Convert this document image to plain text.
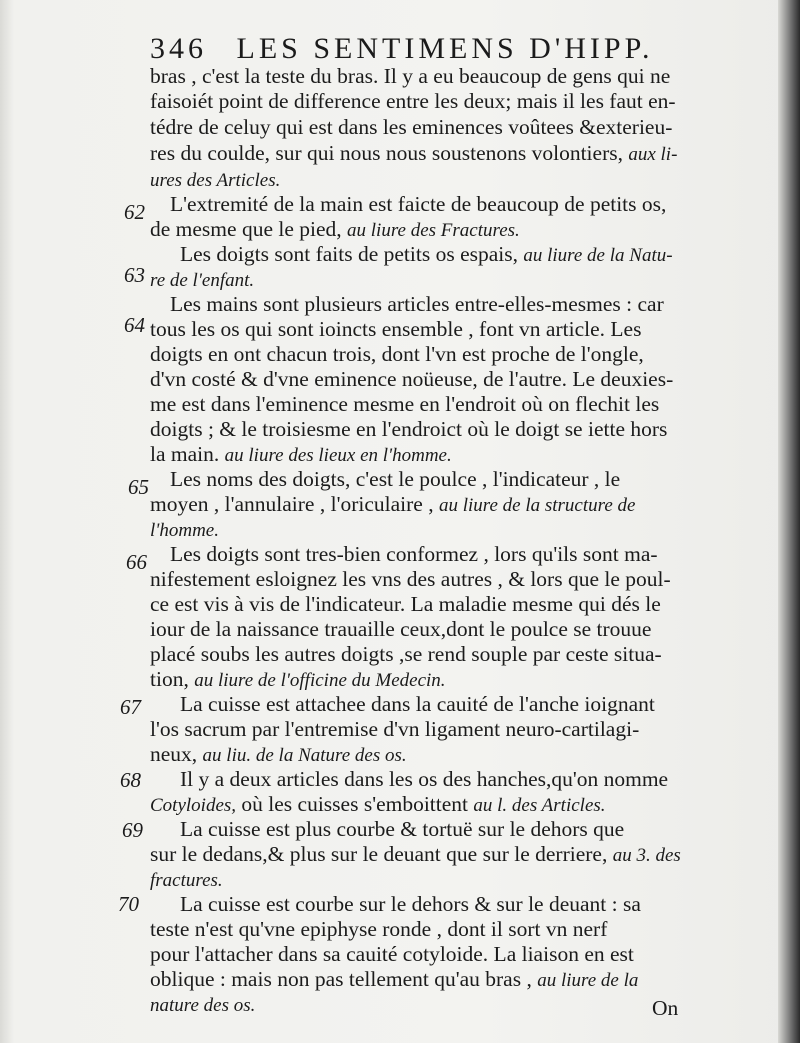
346 LES SENTIMENS D'HIPP.
bras , c'est la teste du bras. Il y a eu beaucoup de gens qui ne
faisoiét point de difference entre les deux; mais il les faut en-
tédre de celuy qui est dans les eminences voûtees &exterieu-
res du coulde, sur qui nous nous soustenons volontiers, aux li-
ures des Articles.
L'extremité de la main est faicte de beaucoup de petits os,
de mesme que le pied, au liure des Fractures.
Les doigts sont faits de petits os espais, au liure de la Natu-
re de l'enfant.
Les mains sont plusieurs articles entre-elles-mesmes : car
tous les os qui sont ioincts ensemble , font vn article. Les
doigts en ont chacun trois, dont l'vn est proche de l'ongle,
d'vn costé & d'vne eminence noüeuse, de l'autre. Le deuxies-
me est dans l'eminence mesme en l'endroit où on flechit les
doigts ; & le troisiesme en l'endroict où le doigt se iette hors
la main. au liure des lieux en l'homme.
Les noms des doigts, c'est le poulce , l'indicateur , le
moyen , l'annulaire , l'oriculaire , au liure de la structure de
l'homme.
Les doigts sont tres-bien conformez , lors qu'ils sont ma-
nifestement esloignez les vns des autres , & lors que le poul-
ce est vis à vis de l'indicateur. La maladie mesme qui dés le
iour de la naissance trauaille ceux,dont le poulce se trouue
placé soubs les autres doigts ,se rend souple par ceste situa-
tion, au liure de l'officine du Medecin.
La cuisse est attachee dans la cauité de l'anche ioignant
l'os sacrum par l'entremise d'vn ligament neuro-cartilagi-
neux, au liu. de la Nature des os.
Il y a deux articles dans les os des hanches,qu'on nomme
Cotyloides, où les cuisses s'emboittent au l. des Articles.
La cuisse est plus courbe & tortuë sur le dehors que
sur le dedans,& plus sur le deuant que sur le derriere, au 3. des
fractures.
La cuisse est courbe sur le dehors & sur le deuant : sa
teste n'est qu'vne epiphyse ronde , dont il sort vn nerf
pour l'attacher dans sa cauité cotyloide. La liaison en est
oblique : mais non pas tellement qu'au bras , au liure de la
nature des os.
62
63
64
65
66
67
68
69
70
On
